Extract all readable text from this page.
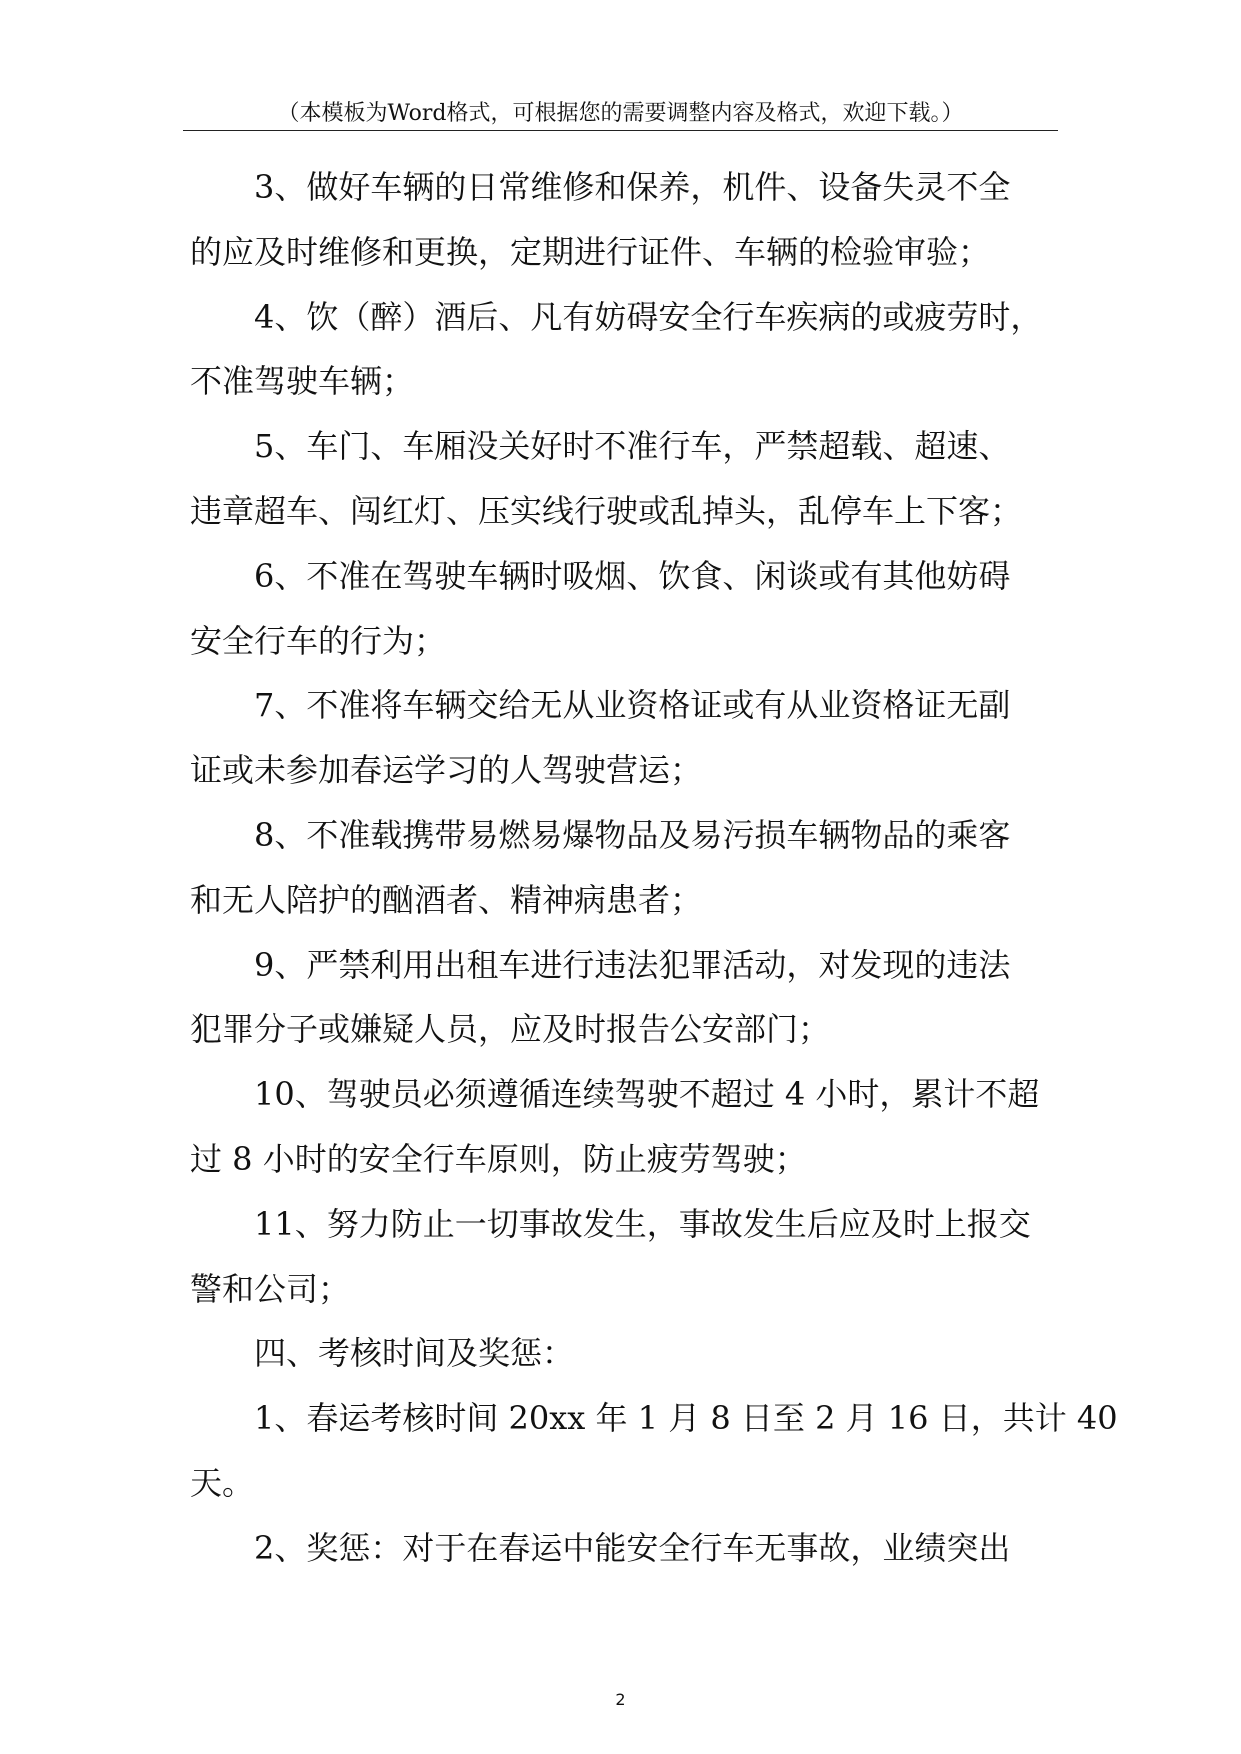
（本模板为Word格式，可根据您的需要调整内容及格式，欢迎下载。）

3、做好车辆的日常维修和保养，机件、设备失灵不全

的应及时维修和更换，定期进行证件、车辆的检验审验；

4、饮（醉）酒后、凡有妨碍安全行车疾病的或疲劳时，

不准驾驶车辆；

5、车门、车厢没关好时不准行车，严禁超载、超速、

违章超车、闯红灯、压实线行驶或乱掉头，乱停车上下客；

6、不准在驾驶车辆时吸烟、饮食、闲谈或有其他妨碍

安全行车的行为；

7、不准将车辆交给无从业资格证或有从业资格证无副

证或未参加春运学习的人驾驶营运；

8、不准载携带易燃易爆物品及易污损车辆物品的乘客

和无人陪护的酗酒者、精神病患者；

9、严禁利用出租车进行违法犯罪活动，对发现的违法

犯罪分子或嫌疑人员，应及时报告公安部门；

10、驾驶员必须遵循连续驾驶不超过 4 小时，累计不超

过 8 小时的安全行车原则，防止疲劳驾驶；

11、努力防止一切事故发生，事故发生后应及时上报交

警和公司；

四、考核时间及奖惩：

1、春运考核时间 20xx 年 1 月 8 日至 2 月 16 日，共计 40

天。

2、奖惩：对于在春运中能安全行车无事故，业绩突出

2
